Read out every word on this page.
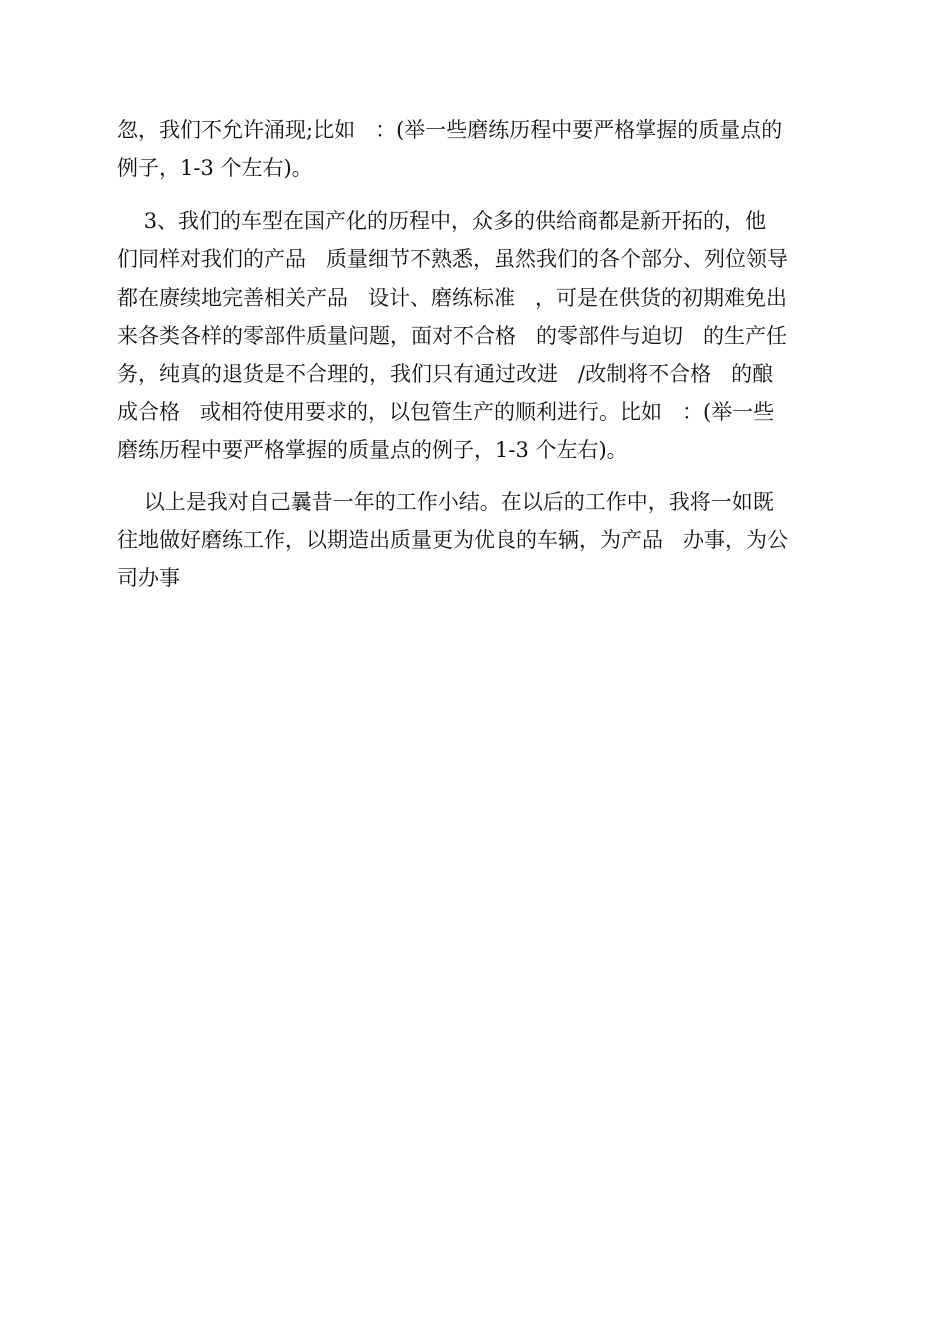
忽，我们不允许涌现;比如   ：(举一些磨练历程中要严格掌握的质量点的
例子，1-3 个左右)。
3、我们的车型在国产化的历程中，众多的供给商都是新开拓的，他
们同样对我们的产品   质量细节不熟悉，虽然我们的各个部分、列位领导
都在赓续地完善相关产品   设计、磨练标准   ，可是在供货的初期难免出
来各类各样的零部件质量问题，面对不合格   的零部件与迫切   的生产任
务，纯真的退货是不合理的，我们只有通过改进   /改制将不合格   的酿
成合格   或相符使用要求的，以包管生产的顺利进行。比如   ：(举一些
磨练历程中要严格掌握的质量点的例子，1-3 个左右)。
以上是我对自己曩昔一年的工作小结。在以后的工作中，我将一如既
往地做好磨练工作，以期造出质量更为优良的车辆，为产品   办事，为公
司办事
